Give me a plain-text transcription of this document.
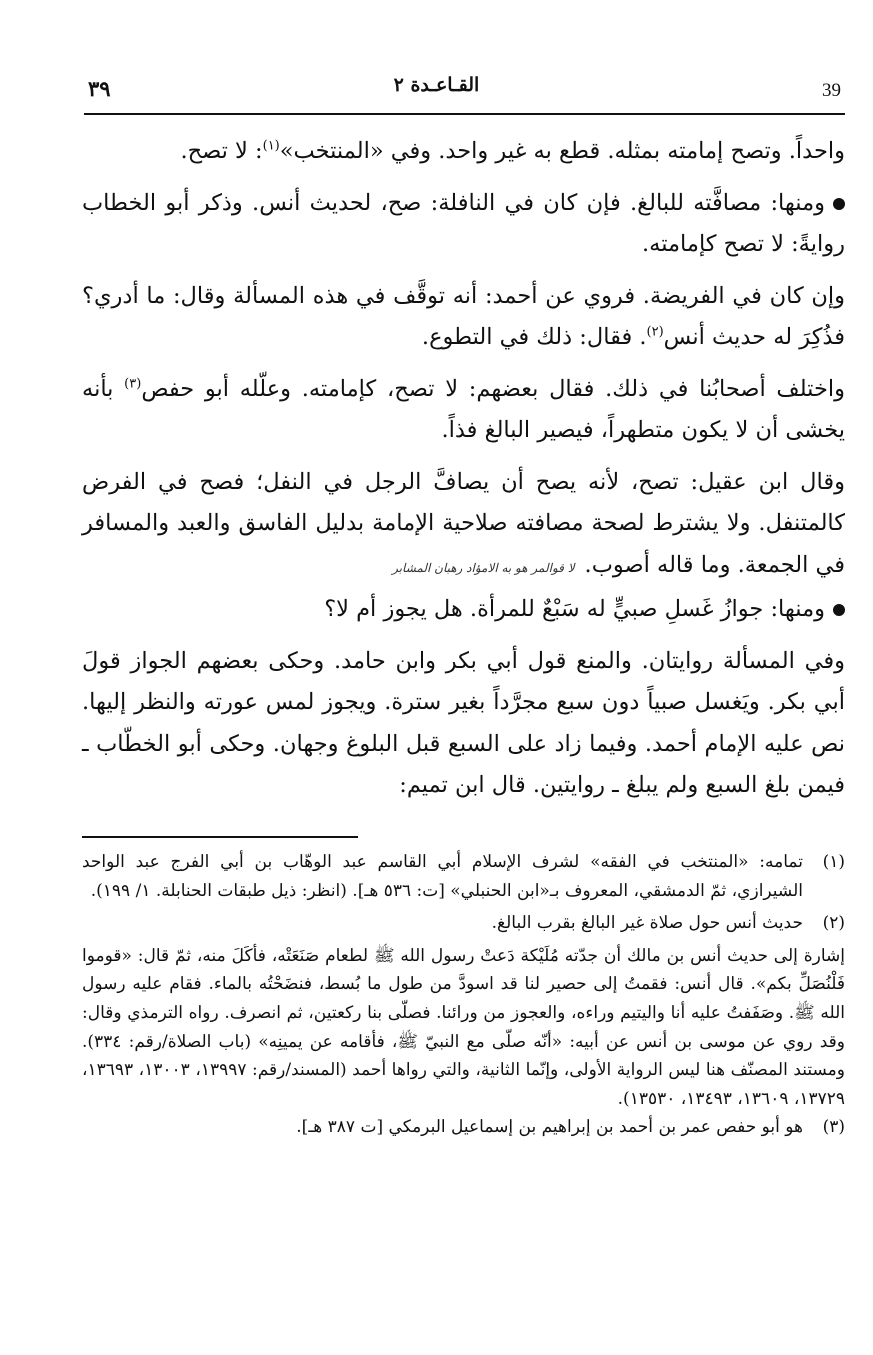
39
القـاعـدة ٢
٣٩

واحداً. وتصح إمامته بمثله. قطع به غير واحد. وفي «المنتخب»$^{(١)}$: لا تصح.

ومنها: مصافَّته للبالغ. فإن كان في النافلة: صح، لحديث أنس. وذكر أبو الخطاب روايةً: لا تصح كإمامته.

وإن كان في الفريضة. فروي عن أحمد: أنه توقَّف في هذه المسألة وقال: ما أدري؟ فذُكِرَ له حديث أنس$^{(٢)}$. فقال: ذلك في التطوع.

واختلف أصحابُنا في ذلك. فقال بعضهم: لا تصح، كإمامته. وعلّله أبو حفص$^{(٣)}$ بأنه يخشى أن لا يكون متطهراً، فيصير البالغ فذاً.

وقال ابن عقيل: تصح، لأنه يصح أن يصافَّ الرجل في النفل؛ فصح في الفرض كالمتنفل. ولا يشترط لصحة مصافته صلاحية الإمامة بدليل الفاسق والعبد والمسافر في الجمعة. وما قاله أصوب.لا قوالمر هو به الامؤاد رهبان المشابر

ومنها: جوازُ غَسلِ صبيٍّ له سَبْعٌ للمرأة. هل يجوز أم لا؟

وفي المسألة روايتان. والمنع قول أبي بكر وابن حامد. وحكى بعضهم الجواز قولَ أبي بكر. ويَغسل صبياً دون سبع مجرَّداً بغير سترة. ويجوز لمس عورته والنظر إليها. نص عليه الإمام أحمد. وفيما زاد على السبع قبل البلوغ وجهان. وحكى أبو الخطّاب ـ فيمن بلغ السبع ولم يبلغ ـ روايتين. قال ابن تميم:

(١)
تمامه: «المنتخب في الفقه» لشرف الإسلام أبي القاسم عبد الوهّاب بن أبي الفرج عبد الواحد الشيرازي، ثمّ الدمشقي، المعروف بـ«ابن الحنبلي» [ت: ٥٣٦ هـ]. (انظر: ذيل طبقات الحنابلة. ١/ ١٩٩).
(٢)
حديث أنس حول صلاة غير البالغ بقرب البالغ.

إشارة إلى حديث أنس بن مالك أن جدّته مُلَيْكة دَعتْ رسول الله ﷺ لطعام صَنَعَتْه، فأكَلَ منه، ثمّ قال: «قوموا فَلْنُصَلِّ بكم». قال أنس: فقمتُ إلى حصير لنا قد اسودَّ من طول ما بُسط، فنضَحْتُه بالماء. فقام عليه رسول الله ﷺ. وصَفَفتُ عليه أنا واليتيم وراءه، والعجوز من ورائنا. فصلّى بنا ركعتين، ثم انصرف. رواه الترمذي وقال: وقد روي عن موسى بن أنس عن أبيه: «أنّه صلّى مع النبيّ ﷺ، فأقامه عن يمينِه» (باب الصلاة/رقم: ٣٣٤). ومستند المصنّف هنا ليس الرواية الأولى، وإنّما الثانية، والتي رواها أحمد (المسند/رقم: ١٣٩٩٧، ١٣٠٠٣، ١٣٦٩٣، ١٣٧٢٩، ١٣٦٠٩، ١٣٤٩٣، ١٣٥٣٠).

(٣)
هو أبو حفص عمر بن أحمد بن إبراهيم بن إسماعيل البرمكي [ت ٣٨٧ هـ].
